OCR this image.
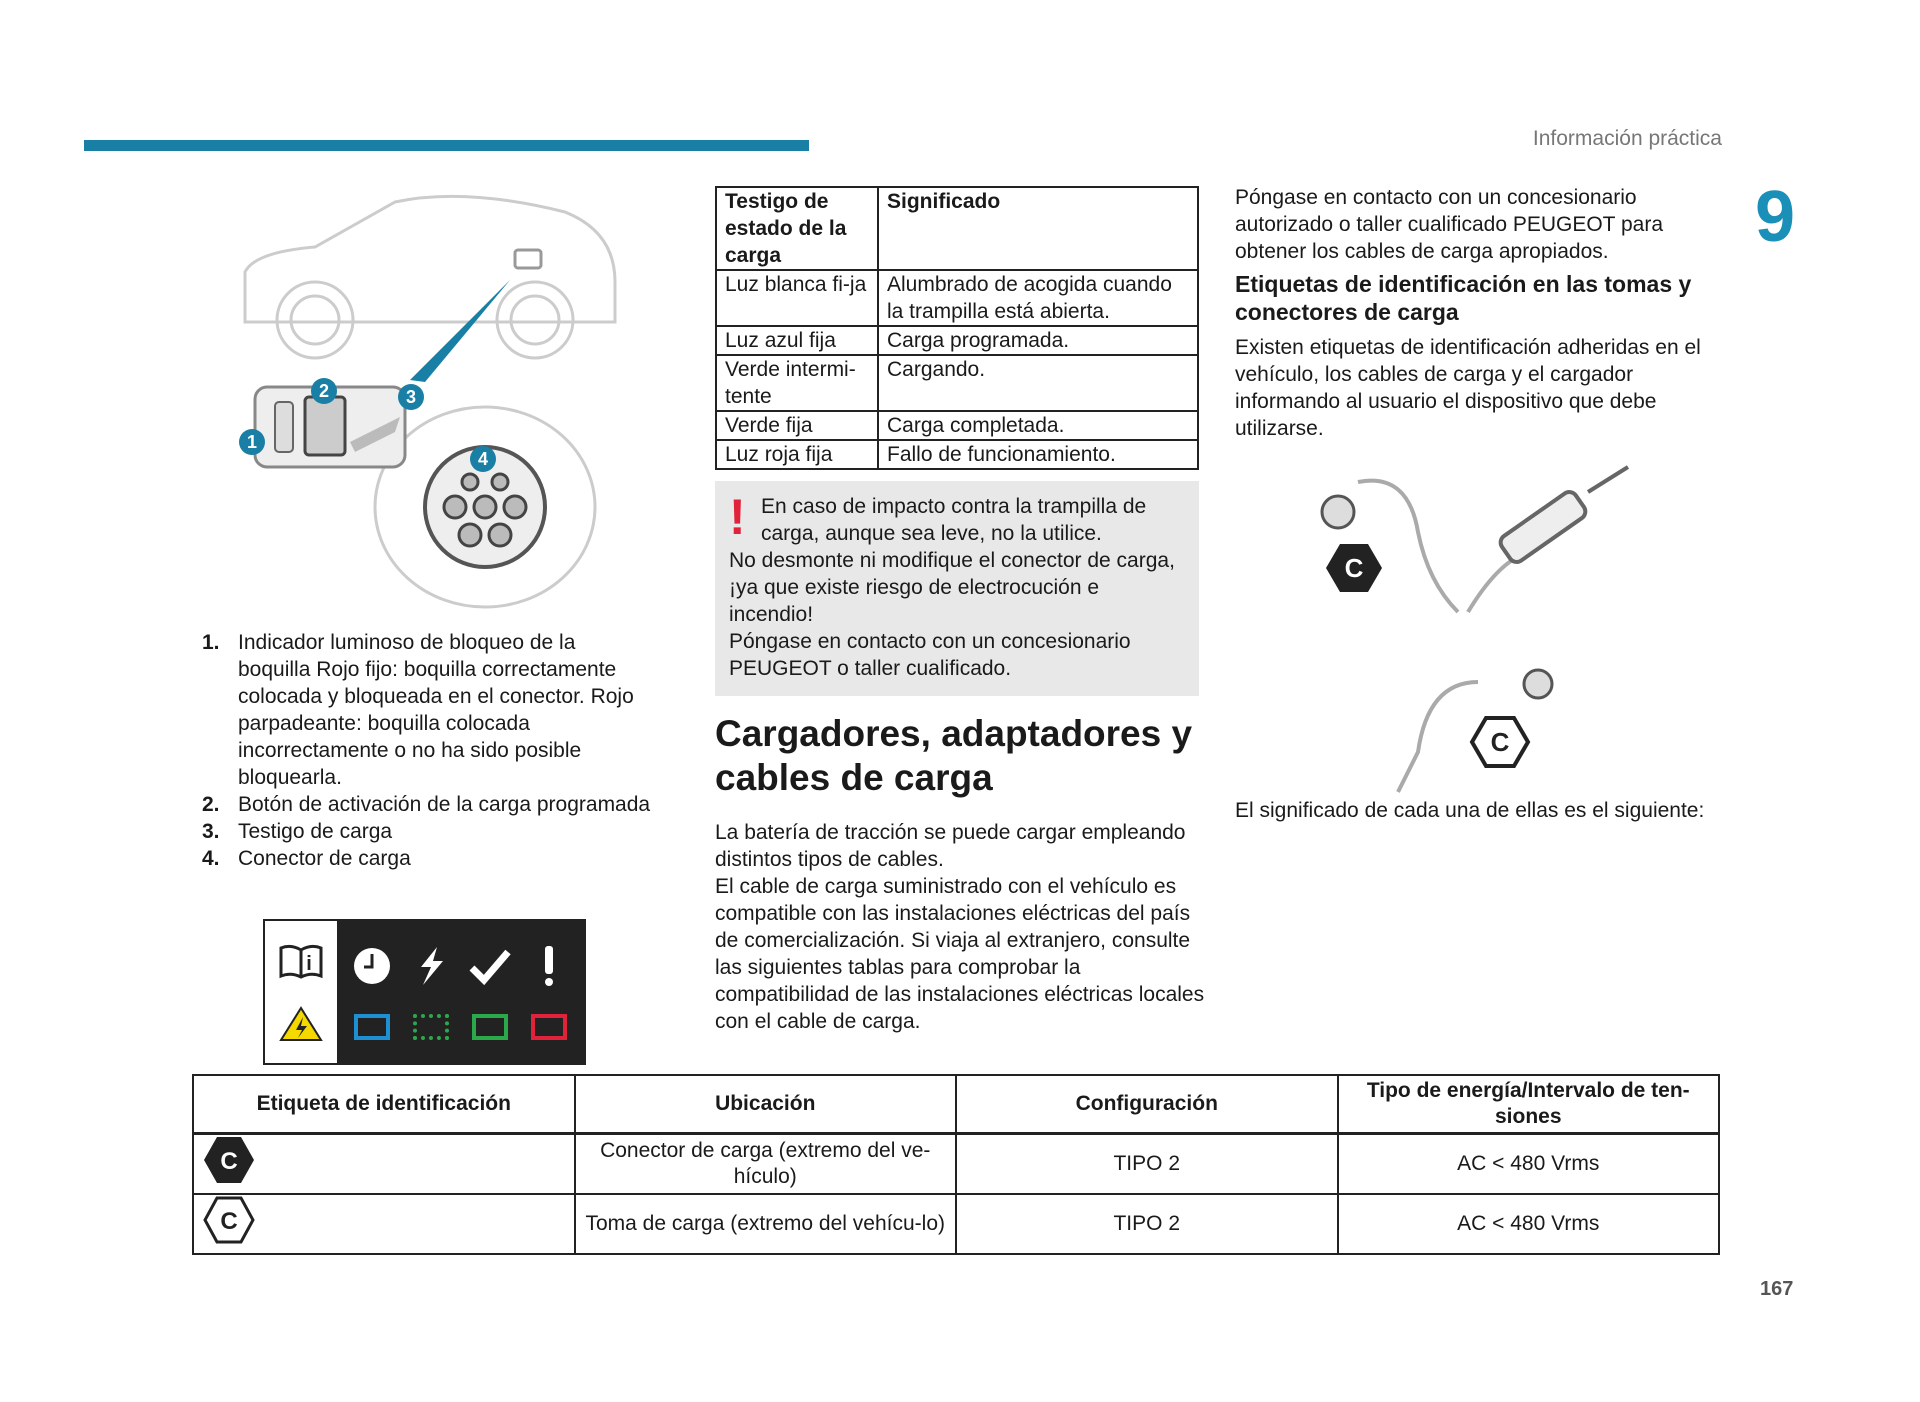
Información práctica
9
1
2	3
4
1. Indicador luminoso de bloqueo de la boquilla Rojo fijo: boquilla correctamente colocada y bloqueada en el conector. Rojo parpadeante: boquilla colocada incorrectamente o no ha sido posible bloquearla.
2. Botón de activación de la carga programada
3. Testigo de carga
4. Conector de carga
i
Testigo de estado de la carga	Significado
Luz blanca fi-ja	Alumbrado de acogida cuando la trampilla está abierta.
Luz azul fija	Carga programada.
Verde intermi-tente	Cargando.
Verde fija	Carga completada.
Luz roja fija	Fallo de funcionamiento.
! En caso de impacto contra la trampilla de carga, aunque sea leve, no la utilice.

No desmonte ni modifique el conector de carga, ¡ya que existe riesgo de electrocución e incendio!

Póngase en contacto con un concesionario PEUGEOT o taller cualificado.

Cargadores, adaptadores y cables de carga

La batería de tracción se puede cargar empleando distintos tipos de cables.

El cable de carga suministrado con el vehículo es compatible con las instalaciones eléctricas del país de comercialización. Si viaja al extranjero, consulte las siguientes tablas para comprobar la compatibilidad de las instalaciones eléctricas locales con el cable de carga.

Póngase en contacto con un concesionario autorizado o taller cualificado PEUGEOT para obtener los cables de carga apropiados.

Etiquetas de identificación en las tomas y conectores de carga

Existen etiquetas de identificación adheridas en el vehículo, los cables de carga y el cargador informando al usuario el dispositivo que debe utilizarse.

C
C

El significado de cada una de ellas es el siguiente:

Etiqueta de identificación	Ubicación	Configuración	Tipo de energía/Intervalo de ten-siones

C	Conector de carga (extremo del ve-hículo)	TIPO 2	AC < 480 Vrms

C	Toma de carga (extremo del vehícu-lo)	TIPO 2	AC < 480 Vrms
167
